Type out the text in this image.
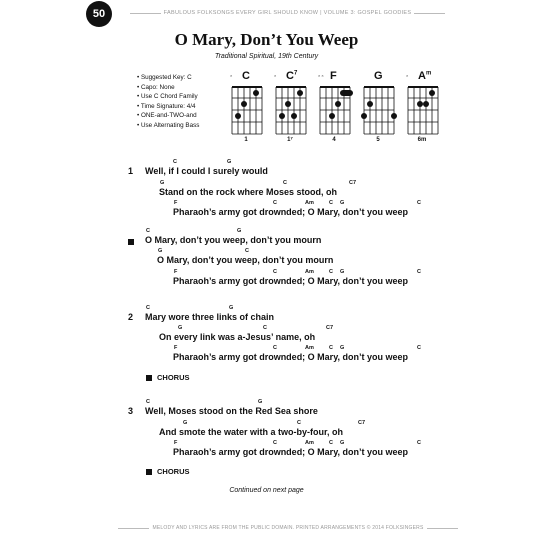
50	FABULOUS FOLKSONGS EVERY GIRL SHOULD KNOW | VOLUME 3: GOSPEL GOODIES
O Mary, Don’t You Weep
Traditional Spiritual, 19th Century
• Suggested Key: C
• Capo: None
• Use C Chord Family
• Time Signature: 4/4
• ONE-and-TWO-and
• Use Alternating Bass
× C
1
× $C^7$
1⁷
×× F
4
G
5
× $A^m$
6m
1
C	G
Well, if I could I surely would
G	C	C7
Stand on the rock where Moses stood, oh
F	C	Am	C G	C
Pharaoh’s army got drownded; O Mary, don’t you weep
C	G
O Mary, don’t you weep, don’t you mourn
G	C
O Mary, don’t you weep, don’t you mourn
F	C	Am	C G	C
Pharaoh’s army got drownded; O Mary, don’t you weep
2
C	G
Mary wore three links of chain
G	C	C7
On every link was a-Jesus’ name, oh
F	C	Am	C G	C
Pharaoh’s army got drownded; O Mary, don’t you weep
CHORUS
3
C	G
Well, Moses stood on the Red Sea shore
G	C	C7
And smote the water with a two-by-four, oh
F	C	Am	C G	C
Pharaoh’s army got drownded; O Mary, don’t you weep
CHORUS
Continued on next page
MELODY AND LYRICS ARE FROM THE PUBLIC DOMAIN. PRINTED ARRANGEMENTS © 2014 FOLKSINGERS
